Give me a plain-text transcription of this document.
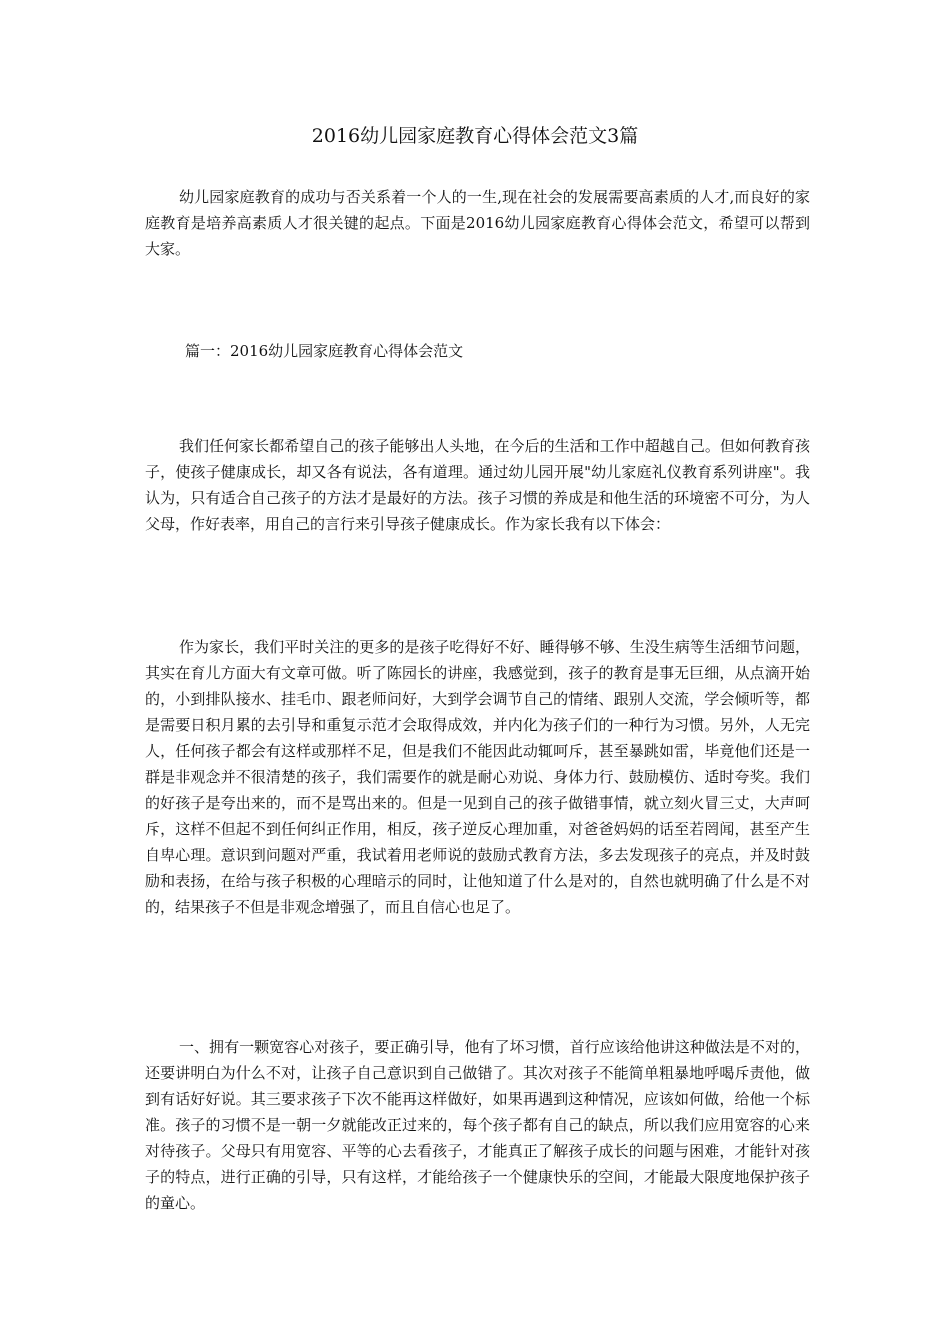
2016幼儿园家庭教育心得体会范文3篇

幼儿园家庭教育的成功与否关系着一个人的一生,现在社会的发展需要高素质的人才,而良好的家庭教育是培养高素质人才很关键的起点。下面是2016幼儿园家庭教育心得体会范文，希望可以帮到大家。

篇一：2016幼儿园家庭教育心得体会范文

我们任何家长都希望自己的孩子能够出人头地，在今后的生活和工作中超越自己。但如何教育孩子，使孩子健康成长，却又各有说法，各有道理。通过幼儿园开展"幼儿家庭礼仪教育系列讲座"。我认为，只有适合自己孩子的方法才是最好的方法。孩子习惯的养成是和他生活的环境密不可分，为人父母，作好表率，用自己的言行来引导孩子健康成长。作为家长我有以下体会：

作为家长，我们平时关注的更多的是孩子吃得好不好、睡得够不够、生没生病等生活细节问题，其实在育儿方面大有文章可做。听了陈园长的讲座，我感觉到，孩子的教育是事无巨细，从点滴开始的，小到排队接水、挂毛巾、跟老师问好，大到学会调节自己的情绪、跟别人交流，学会倾听等，都是需要日积月累的去引导和重复示范才会取得成效，并内化为孩子们的一种行为习惯。另外，人无完人，任何孩子都会有这样或那样不足，但是我们不能因此动辄呵斥，甚至暴跳如雷，毕竟他们还是一群是非观念并不很清楚的孩子，我们需要作的就是耐心劝说、身体力行、鼓励模仿、适时夸奖。我们的好孩子是夸出来的，而不是骂出来的。但是一见到自己的孩子做错事情，就立刻火冒三丈，大声呵斥，这样不但起不到任何纠正作用，相反，孩子逆反心理加重，对爸爸妈妈的话至若罔闻，甚至产生自卑心理。意识到问题对严重，我试着用老师说的鼓励式教育方法，多去发现孩子的亮点，并及时鼓励和表扬，在给与孩子积极的心理暗示的同时，让他知道了什么是对的，自然也就明确了什么是不对的，结果孩子不但是非观念增强了，而且自信心也足了。

一、拥有一颗宽容心对孩子，要正确引导，他有了坏习惯，首行应该给他讲这种做法是不对的，还要讲明白为什么不对，让孩子自己意识到自己做错了。其次对孩子不能简单粗暴地呼喝斥责他，做到有话好好说。其三要求孩子下次不能再这样做好，如果再遇到这种情况，应该如何做，给他一个标准。孩子的习惯不是一朝一夕就能改正过来的，每个孩子都有自己的缺点，所以我们应用宽容的心来对待孩子。父母只有用宽容、平等的心去看孩子，才能真正了解孩子成长的问题与困难，才能针对孩子的特点，进行正确的引导，只有这样，才能给孩子一个健康快乐的空间，才能最大限度地保护孩子的童心。
